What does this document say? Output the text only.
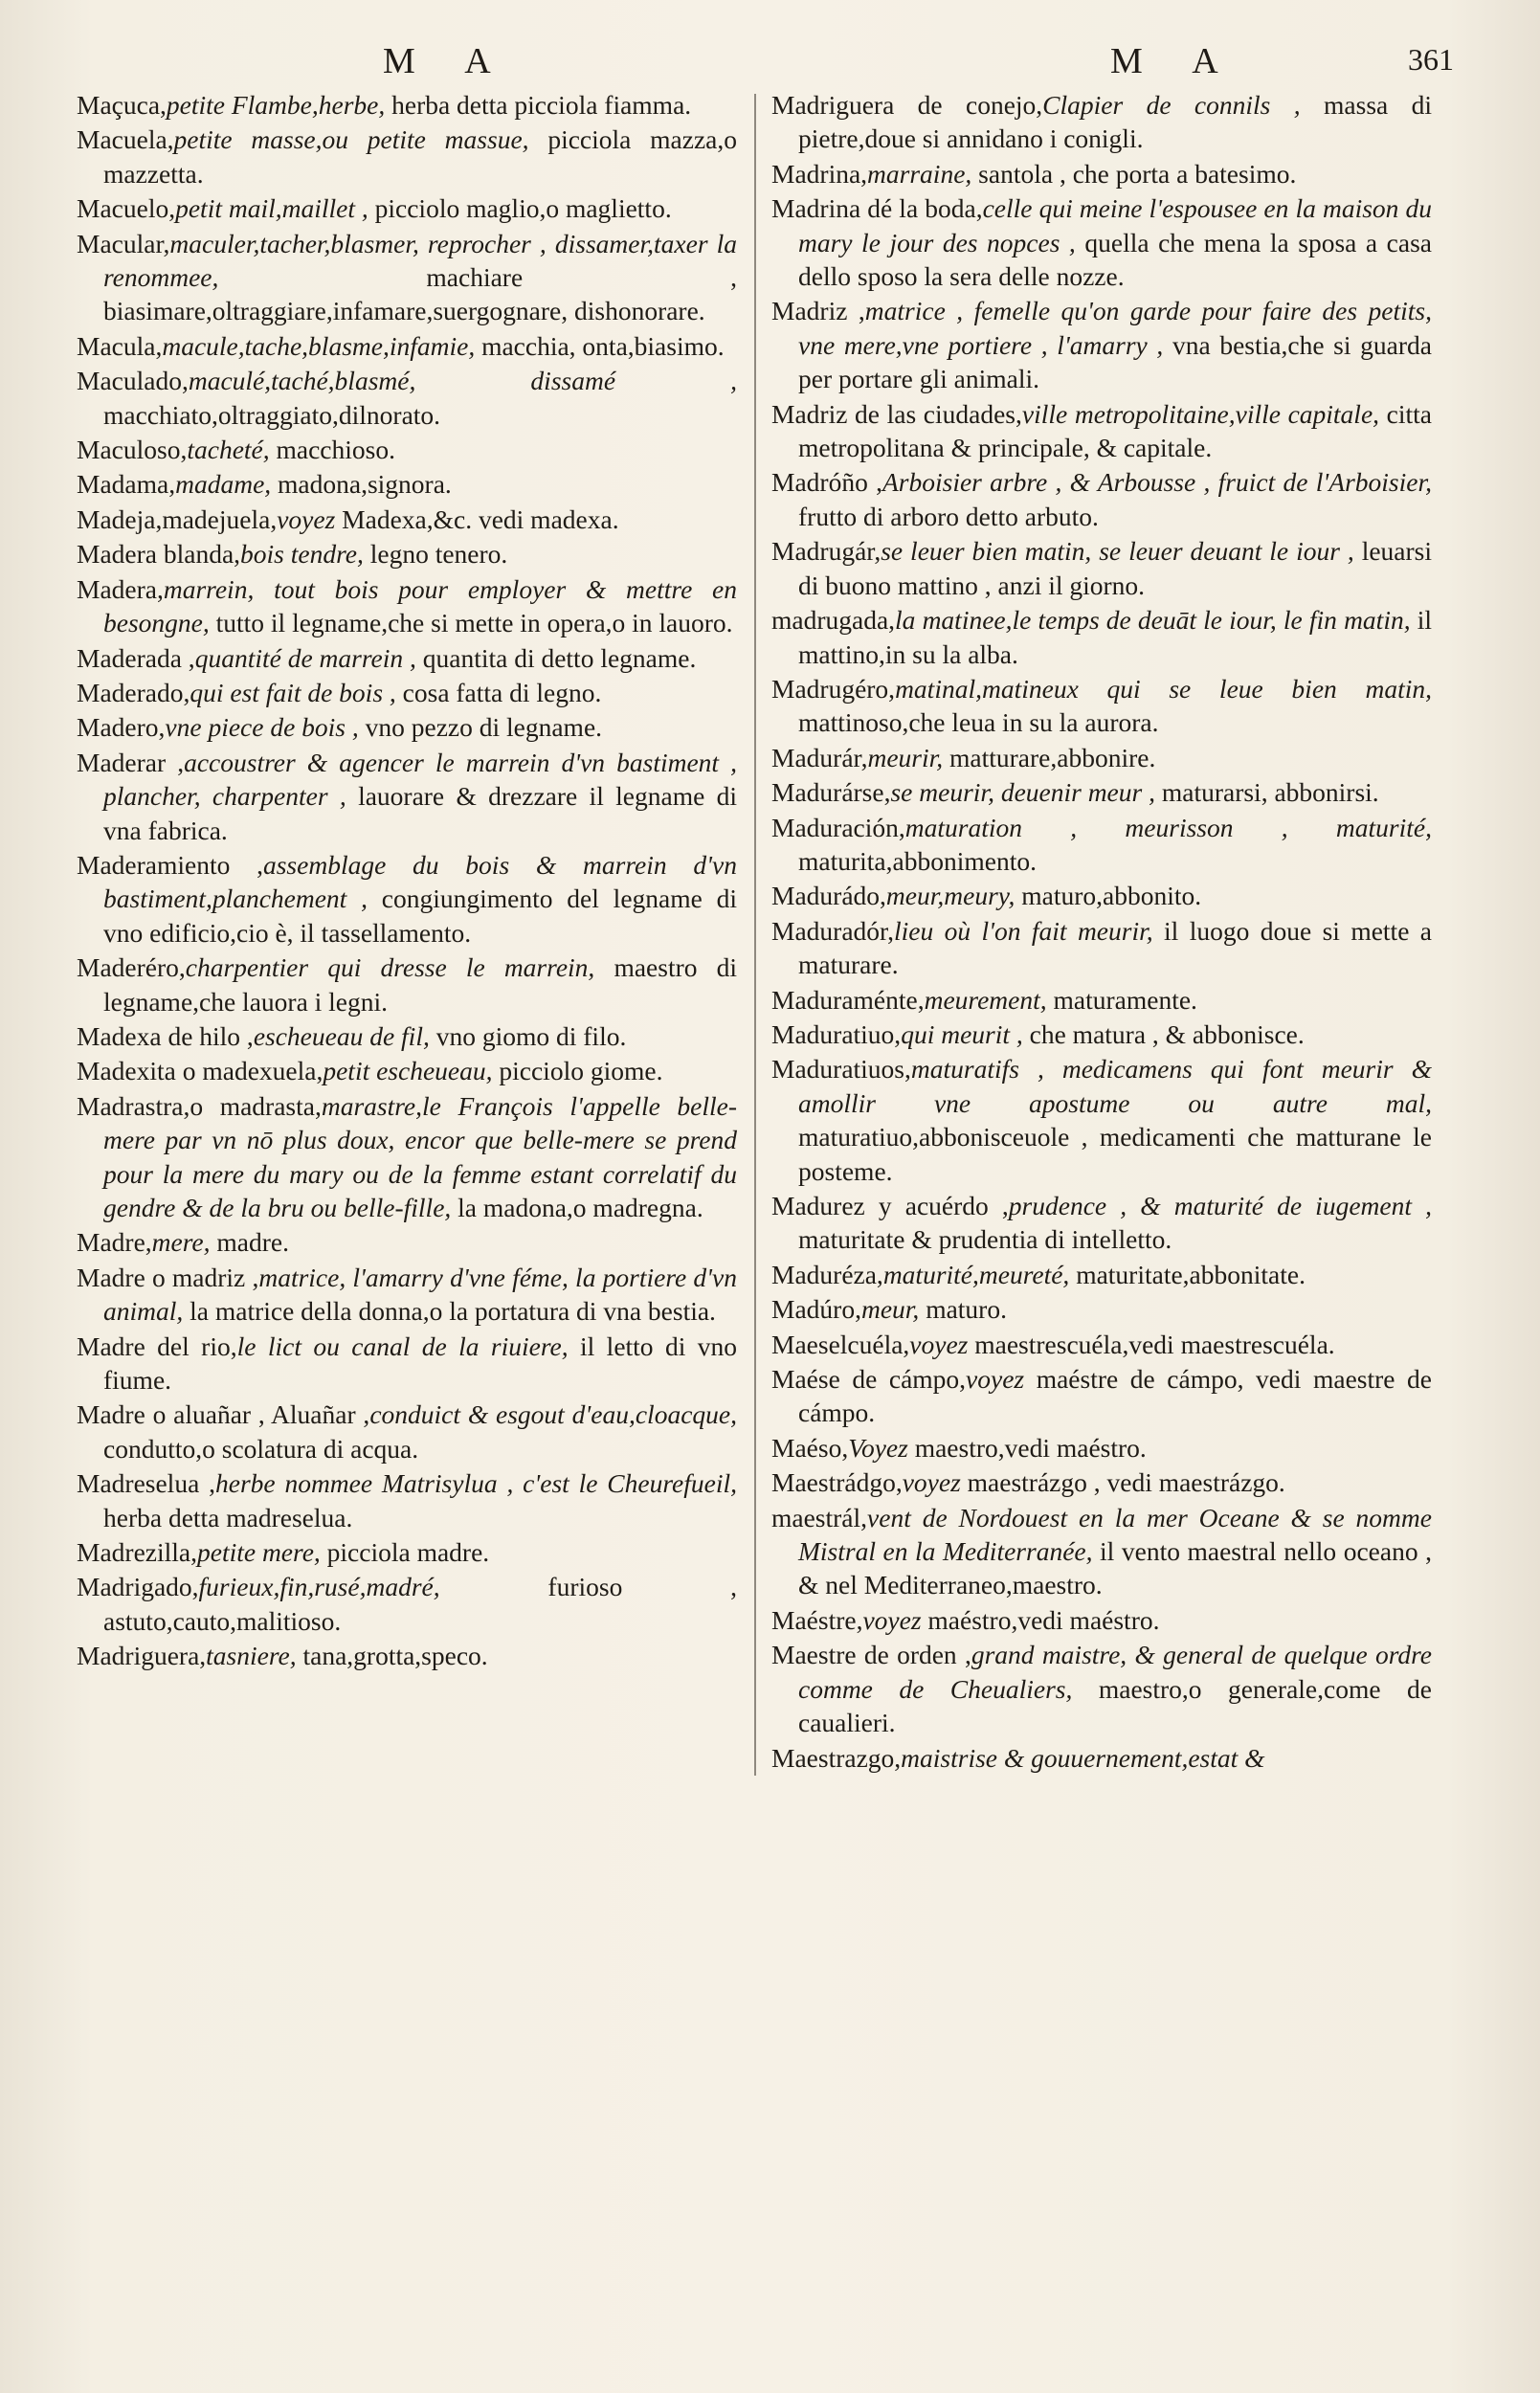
M A	M A	361

Maçuca,petite Flambe,herbe, herba detta picciola fiamma.

Macuela,petite masse,ou petite massue, picciola mazza,o mazzetta.

Macuelo,petit mail,maillet , picciolo maglio,o maglietto.

Macular,maculer,tacher,blasmer, reprocher , dissamer,taxer la renommee,	machiare , biasimare,oltraggiare,infamare,suergognare, dishonorare.

Macula,macule,tache,blasme,infamie, macchia, onta,biasimo.

Maculado,maculé,taché,blasmé, dissamé , macchiato,oltraggiato,dilnorato.

Maculoso,tacheté, macchioso.

Madama,madame, madona,signora.

Madeja,madejuela,voyez Madexa,&c. vedi madexa.

Madera blanda,bois tendre, legno tenero.

Madera,marrein, tout bois pour employer & mettre en besongne, tutto il legname,che si mette in opera,o in lauoro.

Maderada ,quantité de marrein , quantita di detto legname.

Maderado,qui est fait de bois , cosa fatta di legno.

Madero,vne piece de bois , vno pezzo di legname.

Maderar ,accoustrer & agencer le marrein d'vn bastiment , plancher, charpenter , lauorare & drezzare il legname di vna fabrica.

Maderamiento ,assemblage du bois & marrein d'vn bastiment,planchement , congiungimento del legname di vno edificio,cio è, il tassellamento.

Maderéro,charpentier qui dresse le marrein, maestro di legname,che lauora i legni.

Madexa de hilo ,escheueau de fil, vno giomo di filo.

Madexita o madexuela,petit escheueau, picciolo giome.

Madrastra,o madrasta,marastre,le François l'appelle belle-mere par vn nō plus doux, encor que belle-mere se prend pour la mere du mary ou de la femme estant correlatif du gendre & de la bru ou belle-fille, la madona,o madregna.

Madre,mere, madre.

Madre o madriz ,matrice, l'amarry d'vne féme, la portiere d'vn animal, la matrice della donna,o la portatura di vna bestia.

Madre del rio,le lict ou canal de la riuiere, il letto di vno fiume.

Madre o aluañar , Aluañar ,conduict & esgout d'eau,cloacque, condutto,o scolatura di acqua.

Madreselua ,herbe nommee Matrisylua , c'est le Cheurefueil, herba detta madreselua.

Madrezilla,petite mere, picciola madre.

Madrigado,furieux,fin,rusé,madré,	furioso , astuto,cauto,malitioso.

Madriguera,tasniere, tana,grotta,speco.

Madriguera de conejo,Clapier de connils , massa di pietre,doue si annidano i conigli.

Madrina,marraine, santola , che porta a batesimo.

Madrina dé la boda,celle qui meine l'espousee en la maison du mary le jour des nopces , quella che mena la sposa a casa dello sposo la sera delle nozze.

Madriz ,matrice , femelle qu'on garde pour faire des petits, vne mere,vne portiere , l'amarry , vna bestia,che si guarda per portare gli animali.

Madriz de las ciudades,ville metropolitaine,ville capitale, citta metropolitana & principale, & capitale.

Madróño ,Arboisier arbre , & Arbousse , fruict de l'Arboisier, frutto di arboro detto arbuto.

Madrugár,se leuer bien matin, se leuer deuant le iour , leuarsi di buono mattino , anzi il giorno.

madrugada,la matinee,le temps de deuāt le iour, le fin matin, il mattino,in su la alba.

Madrugéro,matinal,matineux qui se leue bien matin, mattinoso,che leua in su la aurora.

Madurár,meurir, matturare,abbonire.

Madurárse,se meurir, deuenir meur , maturarsi, abbonirsi.

Maduración,maturation , meurisson , maturité, maturita,abbonimento.

Madurádo,meur,meury, maturo,abbonito.

Maduradór,lieu où l'on fait meurir, il luogo doue si mette a maturare.

Maduraménte,meurement, maturamente.

Maduratiuo,qui meurit , che matura , & abbonisce.

Maduratiuos,maturatifs , medicamens qui font meurir & amollir vne apostume ou autre mal, maturatiuo,abbonisceuole , medicamenti che matturane le posteme.

Madurez y acuérdo ,prudence , & maturité de iugement , maturitate & prudentia di intelletto.

Maduréza,maturité,meureté, maturitate,abbonitate.

Madúro,meur, maturo.

Maeselcuéla,voyez maestrescuéla,vedi maestrescuéla.

Maése de cámpo,voyez maéstre de cámpo, vedi maestre de cámpo.

Maéso,Voyez maestro,vedi maéstro.

Maestrádgo,voyez maestrázgo , vedi maestrázgo.

maestrál,vent de Nordouest en la mer Oceane & se nomme Mistral en la Mediterranée, il vento maestral nello oceano , & nel Mediterraneo,maestro.

Maéstre,voyez maéstro,vedi maéstro.

Maestre de orden ,grand maistre, & general de quelque ordre comme de Cheualiers, maestro,o generale,come de caualieri.

Maestrazgo,maistrise & gouuernement,estat &
